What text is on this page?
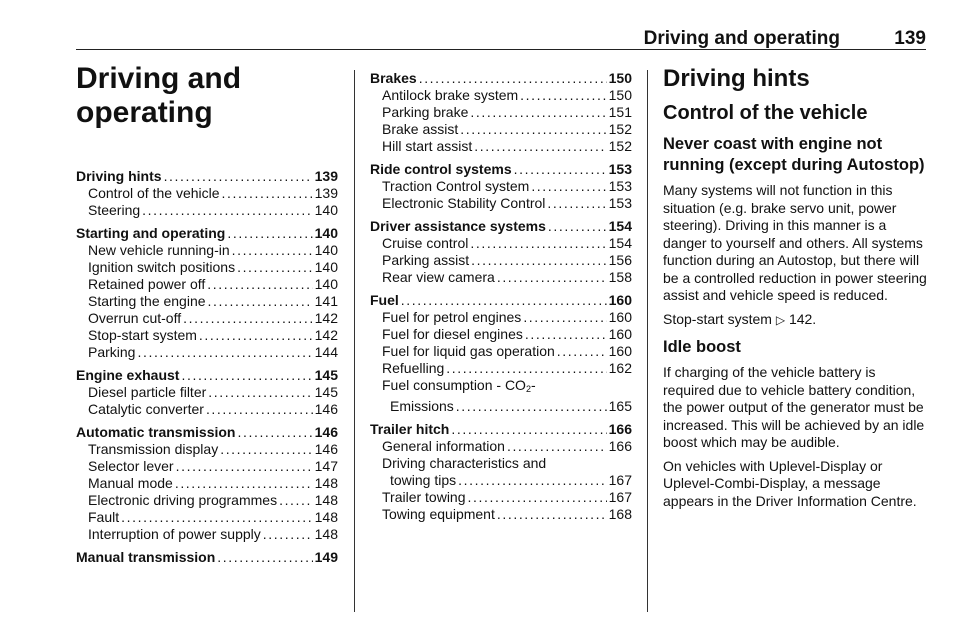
Driving and operating	139
Driving and operating
Driving hints .....	139
Control of the vehicle .....	139
Steering .....	140
Starting and operating .....	140
New vehicle running-in .....	140
Ignition switch positions .....	140
Retained power off .....	140
Starting the engine .....	141
Overrun cut-off .....	142
Stop-start system .....	142
Parking .....	144
Engine exhaust .....	145
Diesel particle filter .....	145
Catalytic converter .....	146
Automatic transmission .....	146
Transmission display .....	146
Selector lever .....	147
Manual mode .....	148
Electronic driving programmes .....	148
Fault .....	148
Interruption of power supply .....	148
Manual transmission .....	149
Brakes .....	150
Antilock brake system .....	150
Parking brake .....	151
Brake assist .....	152
Hill start assist .....	152
Ride control systems .....	153
Traction Control system .....	153
Electronic Stability Control .....	153
Driver assistance systems .....	154
Cruise control .....	154
Parking assist .....	156
Rear view camera .....	158
Fuel .....	160
Fuel for petrol engines .....	160
Fuel for diesel engines .....	160
Fuel for liquid gas operation .....	160
Refuelling .....	162
Fuel consumption - $CO_2-$
Emissions .....	165
Trailer hitch .....	166
General information .....	166
Driving characteristics and
towing tips .....	167
Trailer towing .....	167
Towing equipment .....	168
Driving hints
Control of the vehicle
Never coast with engine not running (except during Autostop)

Many systems will not function in this situation (e.g. brake servo unit, power steering). Driving in this manner is a danger to yourself and others. All systems function during an Autostop, but there will be a controlled reduction in power steering assist and vehicle speed is reduced.

Stop-start system ▷ 142.

Idle boost

If charging of the vehicle battery is required due to vehicle battery condition, the power output of the generator must be increased. This will be achieved by an idle boost which may be audible.

On vehicles with Uplevel-Display or Uplevel-Combi-Display, a message appears in the Driver Information Centre.
